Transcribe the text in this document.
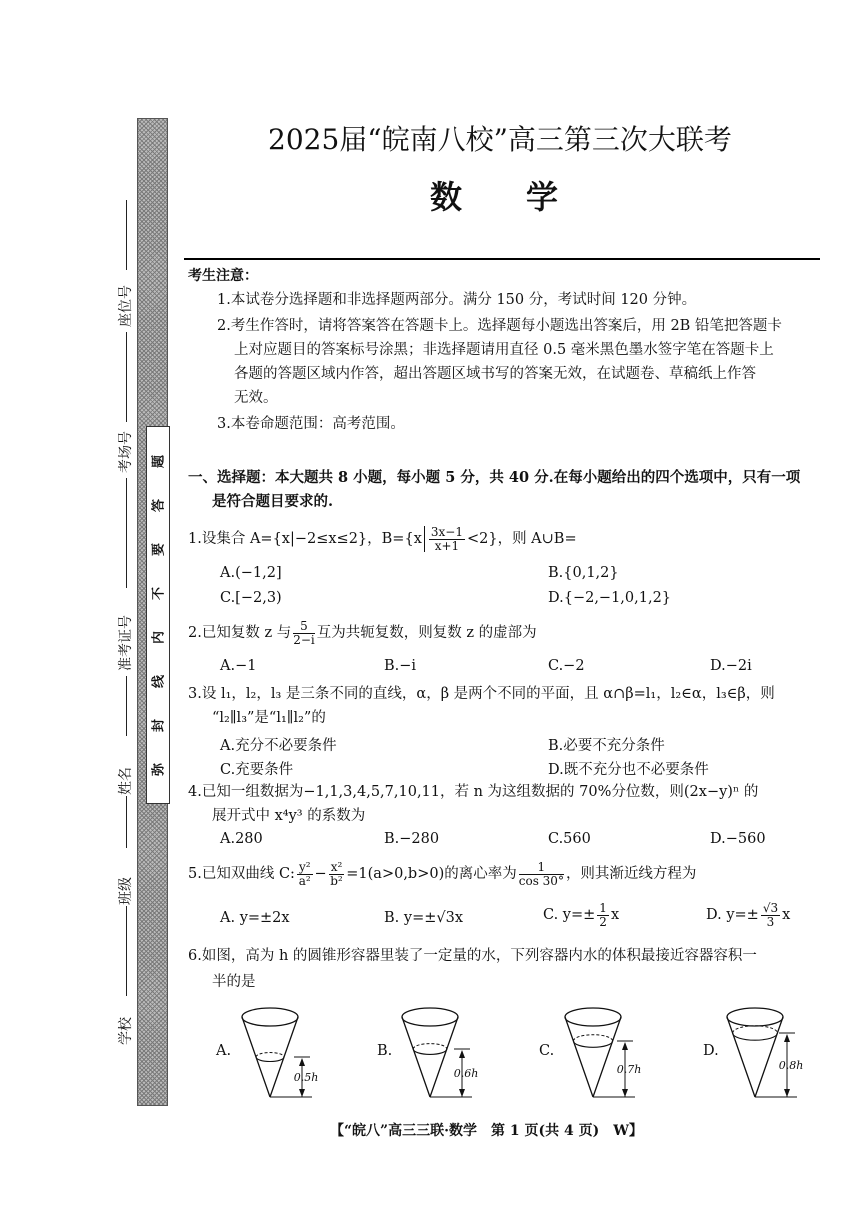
题
答
要
不
内
线
封
弥
座位号
考场号
准考证号
姓名
班级
学校
2025届“皖南八校”高三第三次大联考
数学
考生注意：
1.本试卷分选择题和非选择题两部分。满分 150 分，考试时间 120 分钟。
2.考生作答时，请将答案答在答题卡上。选择题每小题选出答案后，用 2B 铅笔把答题卡
上对应题目的答案标号涂黑；非选择题请用直径 0.5 毫米黑色墨水签字笔在答题卡上
各题的答题区域内作答，超出答题区域书写的答案无效，在试题卷、草稿纸上作答
无效。
3.本卷命题范围：高考范围。
一、选择题：本大题共 8 小题，每小题 5 分，共 40 分.在每小题给出的四个选项中，只有一项
是符合题目要求的.
1.设集合 A={x|−2≤x≤2}，$B=\{x \frac{3x-1}{x+1} <2\}$，则 A∪B=
A.(−1,2]	B.{0,1,2}
C.[−2,3)	D.{−2,−1,0,1,2}
2.已知复数 z 与 $\frac{5}{2-i}$ 互为共轭复数，则复数 z 的虚部为
A.−1	B.−i	C.−2	D.−2i
3.设 l₁，l₂，l₃ 是三条不同的直线，α，β 是两个不同的平面，且 α∩β=l₁，l₂∈α，l₃∈β，则
“l₂∥l₃”是“l₁∥l₂”的
A.充分不必要条件	B.必要不充分条件
C.充要条件	D.既不充分也不必要条件
4.已知一组数据为−1,1,3,4,5,7,10,11，若 n 为这组数据的 70%分位数，则(2x−y)ⁿ 的
展开式中 x⁴y³ 的系数为
A.280	B.−280	C.560	D.−560
5.已知双曲线 C: $\frac{\text{y²}}{\text{a²}} - \frac{\text{x²}}{\text{b²}} =1(a>0,b>0)$的离心率为 $\frac{1}{\cos 30^\circ}$ ，则其渐近线方程为
A. y=±2x	B. y=±√3x	C. $y=\pm \frac{1}{2}$ x	D. $y=\pm \frac{√3}{3}$ x
6.如图，高为 h 的圆锥形容器里装了一定量的水，下列容器内水的体积最接近容器容积一
半的是
A.	B.	C.	D.
0.5h	0.6h	0.7h	0.8h
【“皖八”高三三联·数学　第 1 页(共 4 页)　W】
